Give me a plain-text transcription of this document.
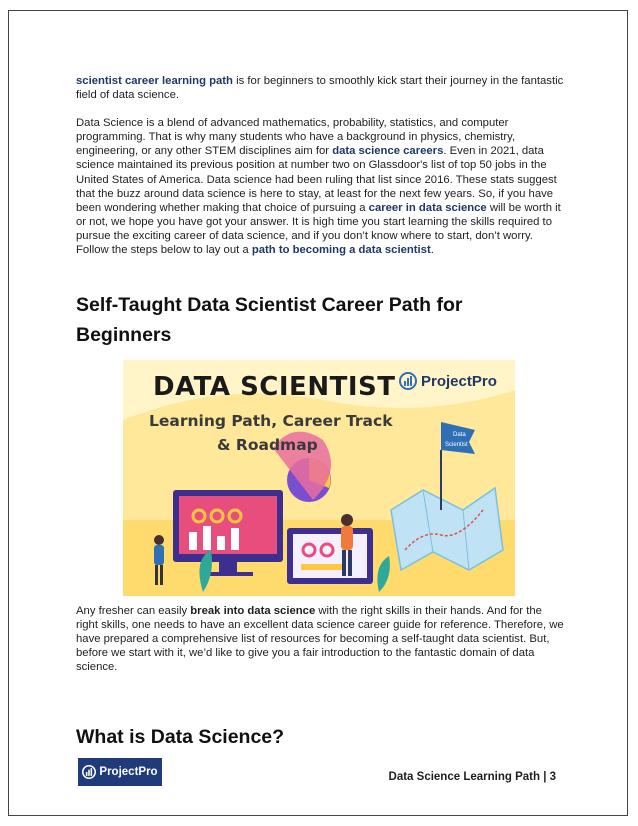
scientist career learning path is for beginners to smoothly kick start their journey in the fantastic field of data science.

Data Science is a blend of advanced mathematics, probability, statistics, and computer programming. That is why many students who have a background in physics, chemistry, engineering, or any other STEM disciplines aim for data science careers. Even in 2021, data science maintained its previous position at number two on Glassdoor's list of top 50 jobs in the United States of America. Data science had been ruling that list since 2016. These stats suggest that the buzz around data science is here to stay, at least for the next few years. So, if you have been wondering whether making that choice of pursuing a career in data science will be worth it or not, we hope you have got your answer. It is high time you start learning the skills required to pursue the exciting career of data science, and if you don’t know where to start, don’t worry. Follow the steps below to lay out a path to becoming a data scientist.

Self-Taught Data Scientist Career Path for Beginners
Data
Scientist
DATA SCIENTIST
Learning Path, Career Track
& Roadmap
ProjectPro

Any fresher can easily break into data science with the right skills in their hands. And for the right skills, one needs to have an excellent data science career guide for reference. Therefore, we have prepared a comprehensive list of resources for becoming a self-taught data scientist. But, before we start with it, we’d like to give you a fair introduction to the fantastic domain of data science.

What is Data Science?
ProjectPro	Data Science Learning Path | 3
